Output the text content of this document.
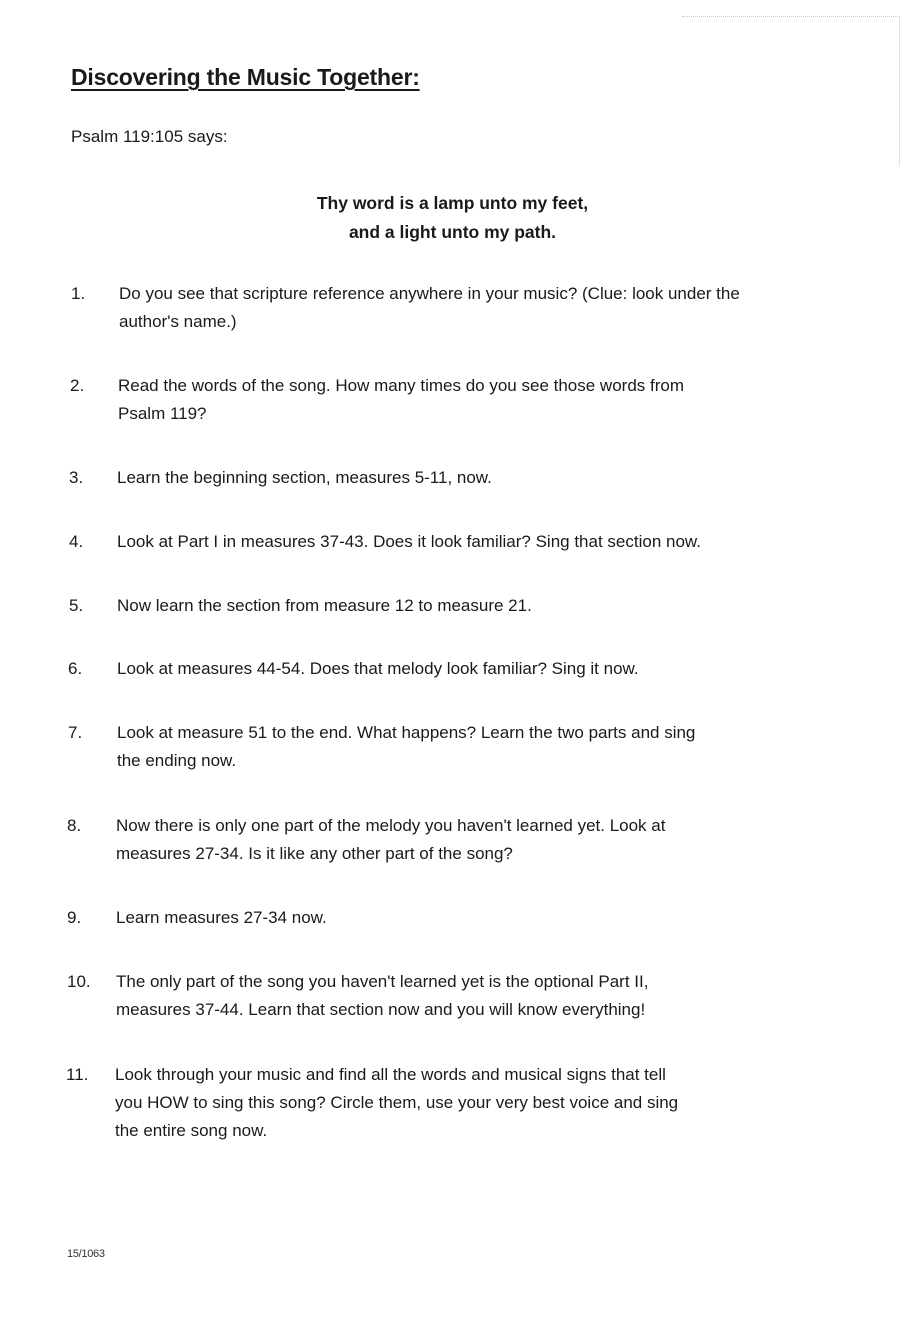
Discovering the Music Together:

Psalm 119:105 says:

Thy word is a lamp unto my feet,
and a light unto my path.

1. Do you see that scripture reference anywhere in your music? (Clue: look under the
author's name.)
2. Read the words of the song. How many times do you see those words from
Psalm 119?
3. Learn the beginning section, measures 5-11, now.
4. Look at Part I in measures 37-43. Does it look familiar? Sing that section now.
5. Now learn the section from measure 12 to measure 21.
6. Look at measures 44-54. Does that melody look familiar? Sing it now.
7. Look at measure 51 to the end. What happens? Learn the two parts and sing
the ending now.
8. Now there is only one part of the melody you haven't learned yet. Look at
measures 27-34. Is it like any other part of the song?
9. Learn measures 27-34 now.
10. The only part of the song you haven't learned yet is the optional Part II,
measures 37-44. Learn that section now and you will know everything!
11. Look through your music and find all the words and musical signs that tell
you HOW to sing this song? Circle them, use your very best voice and sing
the entire song now.
15/1063
